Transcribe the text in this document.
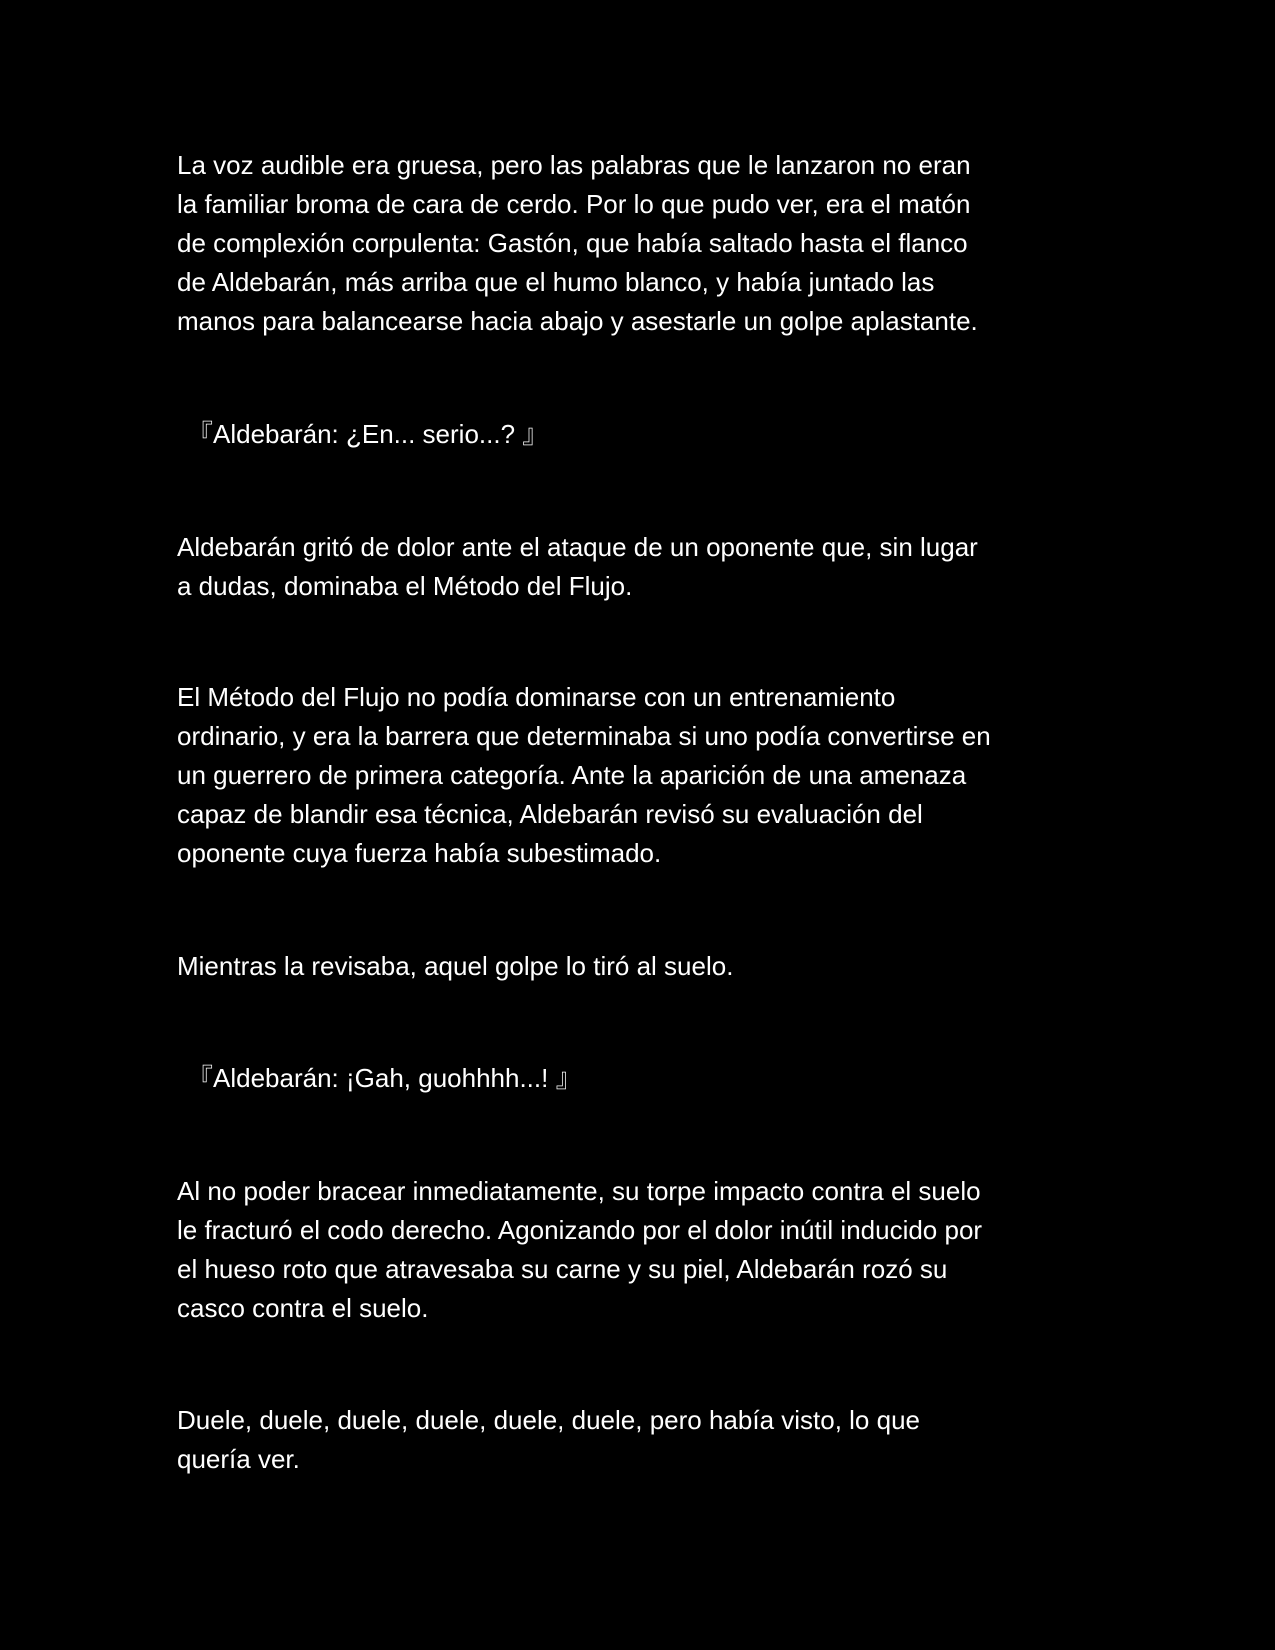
La voz audible era gruesa, pero las palabras que le lanzaron no eran
la familiar broma de cara de cerdo. Por lo que pudo ver, era el matón
de complexión corpulenta: Gastón, que había saltado hasta el flanco
de Aldebarán, más arriba que el humo blanco, y había juntado las
manos para balancearse hacia abajo y asestarle un golpe aplastante.

『Aldebarán: ¿En... serio...? 』

Aldebarán gritó de dolor ante el ataque de un oponente que, sin lugar
a dudas, dominaba el Método del Flujo.

El Método del Flujo no podía dominarse con un entrenamiento
ordinario, y era la barrera que determinaba si uno podía convertirse en
un guerrero de primera categoría. Ante la aparición de una amenaza
capaz de blandir esa técnica, Aldebarán revisó su evaluación del
oponente cuya fuerza había subestimado.

Mientras la revisaba, aquel golpe lo tiró al suelo.

『Aldebarán: ¡Gah, guohhhh...! 』

Al no poder bracear inmediatamente, su torpe impacto contra el suelo
le fracturó el codo derecho. Agonizando por el dolor inútil inducido por
el hueso roto que atravesaba su carne y su piel, Aldebarán rozó su
casco contra el suelo.

Duele, duele, duele, duele, duele, duele, pero había visto, lo que
quería ver.
